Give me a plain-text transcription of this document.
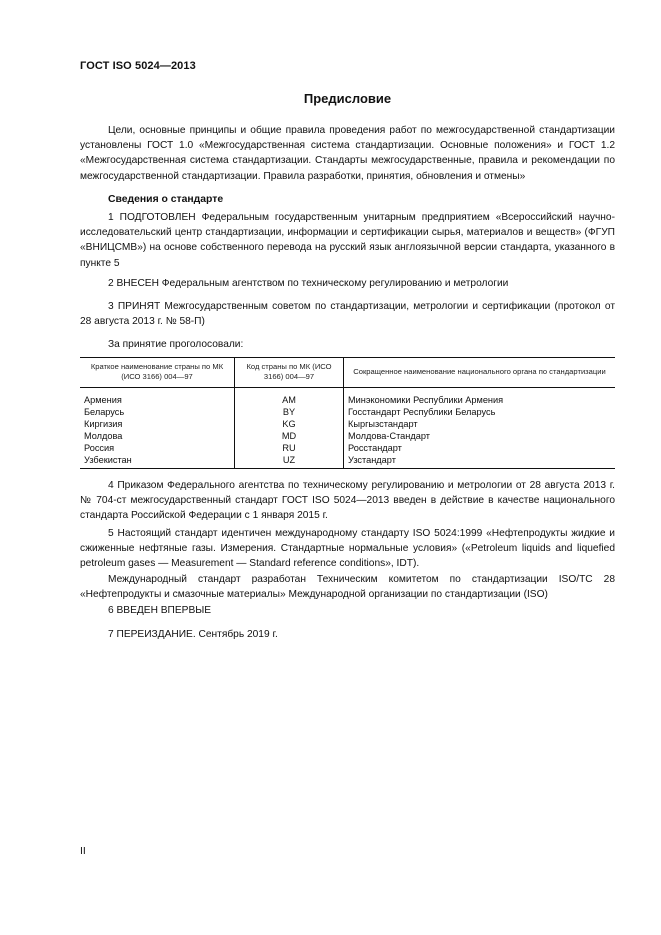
ГОСТ ISO 5024—2013
Предисловие

Цели, основные принципы и общие правила проведения работ по межгосударственной стандартизации установлены ГОСТ 1.0 «Межгосударственная система стандартизации. Основные положения» и ГОСТ 1.2 «Межгосударственная система стандартизации. Стандарты межгосударственные, правила и рекомендации по межгосударственной стандартизации. Правила разработки, принятия, обновления и отмены»

Сведения о стандарте

1 ПОДГОТОВЛЕН Федеральным государственным унитарным предприятием «Всероссийский научно-исследовательский центр стандартизации, информации и сертификации сырья, материалов и веществ» (ФГУП «ВНИЦСМВ») на основе собственного перевода на русский язык англоязычной версии стандарта, указанного в пункте 5

2 ВНЕСЕН Федеральным агентством по техническому регулированию и метрологии

3 ПРИНЯТ Межгосударственным советом по стандартизации, метрологии и сертификации (протокол от 28 августа 2013 г. № 58-П)

За принятие проголосовали:
Краткое наименование страны по МК (ИСО 3166) 004—97	Код страны по МК (ИСО 3166) 004—97	Сокращенное наименование национального органа по стандартизации
Армения	AM	Минэкономики Республики Армения
Беларусь	BY	Госстандарт Республики Беларусь
Киргизия	KG	Кыргызстандарт
Молдова	MD	Молдова-Стандарт
Россия	RU	Росстандарт
Узбекистан	UZ	Узстандарт

4 Приказом Федерального агентства по техническому регулированию и метрологии от 28 августа 2013 г. № 704-ст межгосударственный стандарт ГОСТ ISO 5024—2013 введен в действие в качестве национального стандарта Российской Федерации с 1 января 2015 г.

5 Настоящий стандарт идентичен международному стандарту ISO 5024:1999 «Нефтепродукты жидкие и сжиженные нефтяные газы. Измерения. Стандартные нормальные условия» («Petroleum liquids and liquefied petroleum gases — Measurement — Standard reference conditions», IDT).

Международный стандарт разработан Техническим комитетом по стандартизации ISO/TC 28 «Нефтепродукты и смазочные материалы» Международной организации по стандартизации (ISO)

6 ВВЕДЕН ВПЕРВЫЕ

7 ПЕРЕИЗДАНИЕ. Сентябрь 2019 г.

II
